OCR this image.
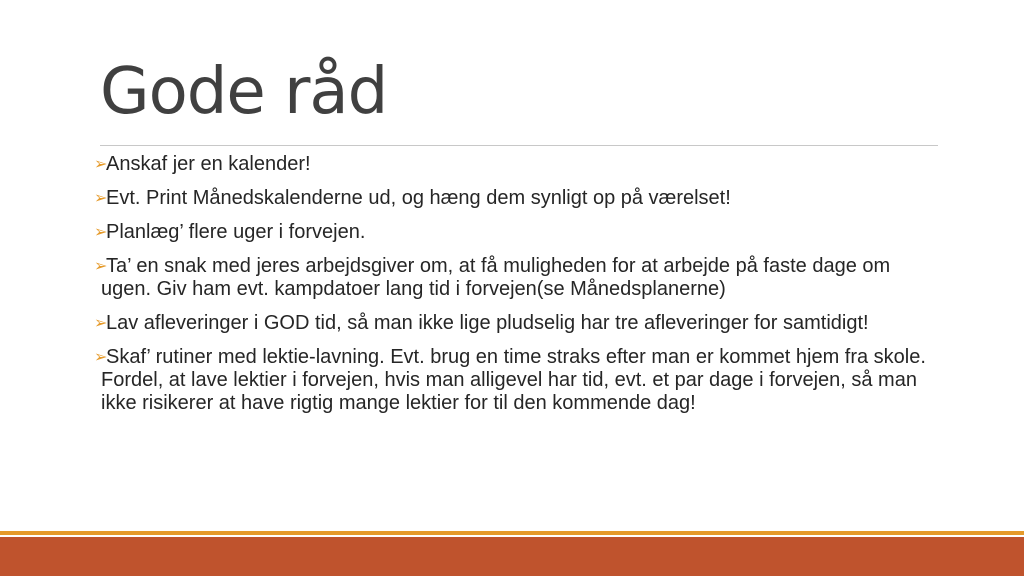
Gode råd
➢Anskaf jer en kalender!
➢Evt. Print Månedskalenderne ud, og hæng dem synligt op på værelset!
➢Planlæg’ flere uger i forvejen.
➢Ta’ en snak med jeres arbejdsgiver om, at få muligheden for at arbejde på faste dage om ugen. Giv ham evt. kampdatoer lang tid i forvejen(se Månedsplanerne)
➢Lav afleveringer i GOD tid, så man ikke lige pludselig har tre afleveringer for samtidigt!
➢Skaf’ rutiner med lektie-lavning. Evt. brug en time straks efter man er kommet hjem fra skole. Fordel, at lave lektier i forvejen, hvis man alligevel har tid, evt. et par dage i forvejen, så man ikke risikerer at have rigtig mange lektier for til den kommende dag!
